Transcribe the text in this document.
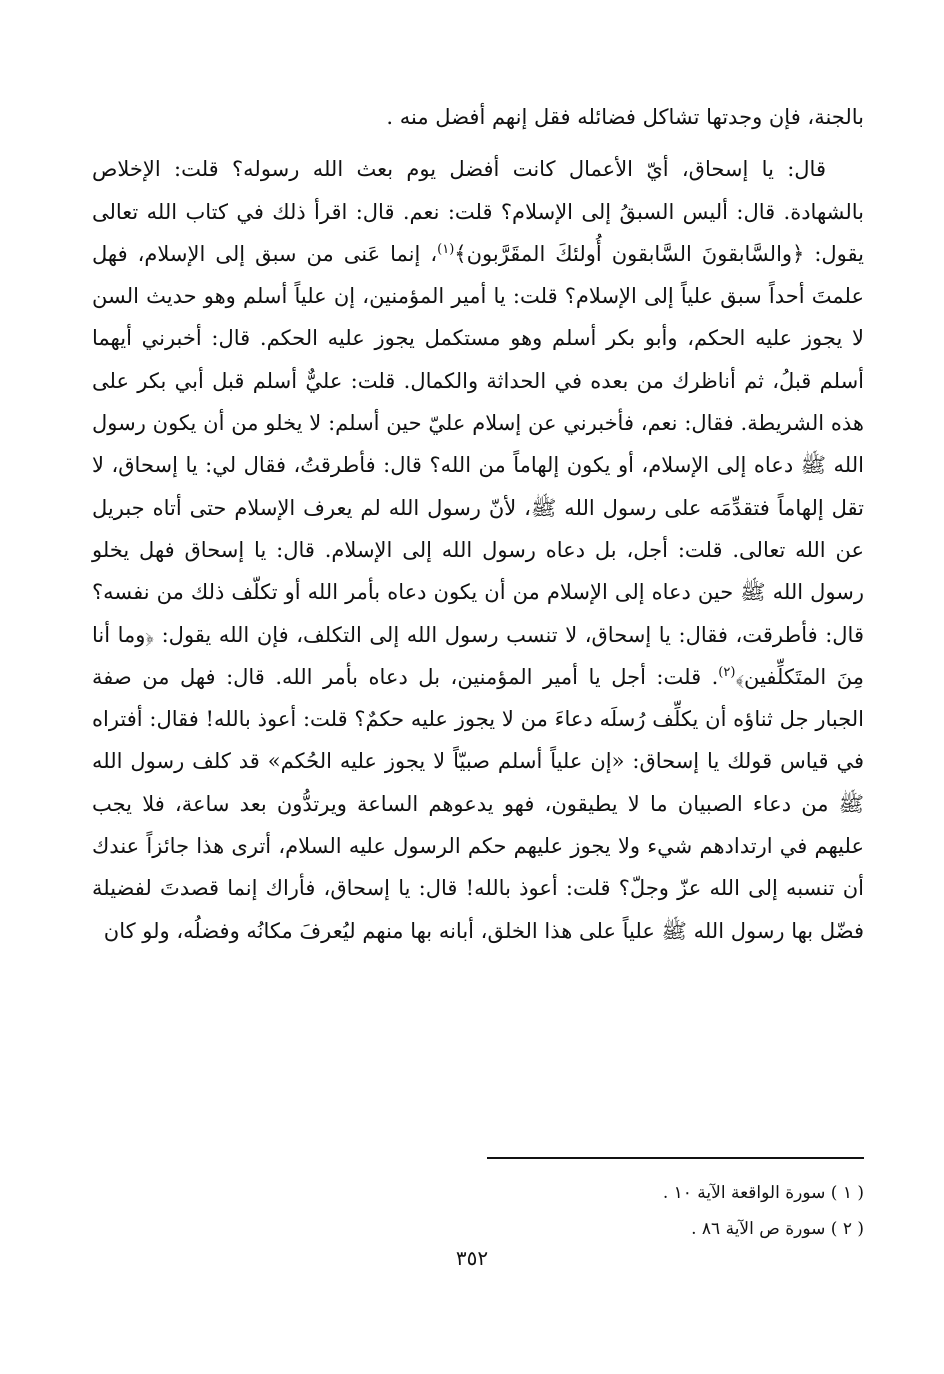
بالجنة، فإن وجدتها تشاكل فضائله فقل إنهم أفضل منه .

قال: يا إسحاق، أيّ الأعمال كانت أفضل يوم بعث الله رسوله؟ قلت: الإخلاص بالشهادة. قال: أليس السبقُ إلى الإسلام؟ قلت: نعم. قال: اقرأ ذلك في كتاب الله تعالى يقول: ﴿والسَّابقونَ السَّابقون أُولئكَ المقَرَّبون﴾$^{(١)}$، إنما عَنى من سبق إلى الإسلام، فهل علمتَ أحداً سبق علياً إلى الإسلام؟ قلت: يا أمير المؤمنين، إن علياً أسلم وهو حديث السن لا يجوز عليه الحكم، وأبو بكر أسلم وهو مستكمل يجوز عليه الحكم. قال: أخبرني أيهما أسلم قبلُ، ثم أناظرك من بعده في الحداثة والكمال. قلت: عليٌّ أسلم قبل أبي بكر على هذه الشريطة. فقال: نعم، فأخبرني عن إسلام عليّ حين أسلم: لا يخلو من أن يكون رسول الله ﷺ دعاه إلى الإسلام، أو يكون إلهاماً من الله؟ قال: فأطرقتُ، فقال لي: يا إسحاق، لا تقل إلهاماً فتقدِّمَه على رسول الله ﷺ، لأنّ رسول الله لم يعرف الإسلام حتى أتاه جبريل عن الله تعالى. قلت: أجل، بل دعاه رسول الله إلى الإسلام. قال: يا إسحاق فهل يخلو رسول الله ﷺ حين دعاه إلى الإسلام من أن يكون دعاه بأمر الله أو تكلّف ذلك من نفسه؟ قال: فأطرقت، فقال: يا إسحاق، لا تنسب رسول الله إلى التكلف، فإن الله يقول: ﴿وما أنا مِنَ المتَكلِّفين﴾$^{(٢)}$. قلت: أجل يا أمير المؤمنين، بل دعاه بأمر الله. قال: فهل من صفة الجبار جل ثناؤه أن يكلِّف رُسلَه دعاءَ من لا يجوز عليه حكمٌ؟ قلت: أعوذ بالله! فقال: أفتراه في قياس قولك يا إسحاق: «إن علياً أسلم صبيّاً لا يجوز عليه الحُكم» قد كلف رسول الله ﷺ من دعاء الصبيان ما لا يطيقون، فهو يدعوهم الساعة ويرتدُّون بعد ساعة، فلا يجب عليهم في ارتدادهم شيء ولا يجوز عليهم حكم الرسول عليه السلام، أترى هذا جائزاً عندك أن تنسبه إلى الله عزّ وجلّ؟ قلت: أعوذ بالله! قال: يا إسحاق، فأراك إنما قصدتَ لفضيلة فضّل بها رسول الله ﷺ علياً على هذا الخلق، أبانه بها منهم ليُعرفَ مكانُه وفضلُه، ولو كان

( ١ ) سورة الواقعة الآية ١٠ .

( ٢ ) سورة ص الآية ٨٦ .

٣٥٢
